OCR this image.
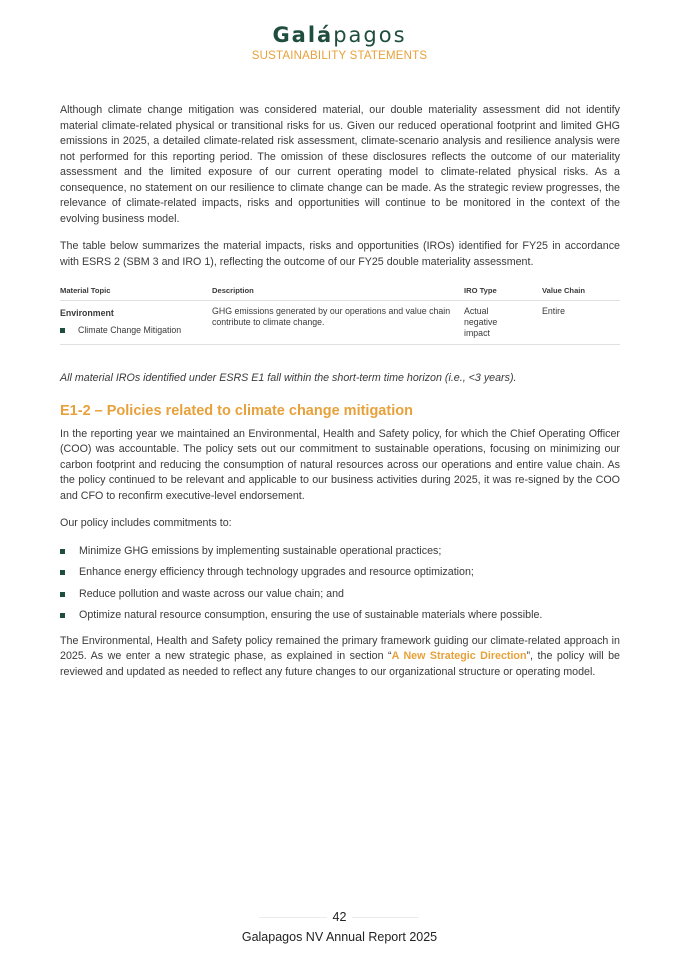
Galápagos
SUSTAINABILITY STATEMENTS

Although climate change mitigation was considered material, our double materiality assessment did not identify material climate‑related physical or transitional risks for us. Given our reduced operational footprint and limited GHG emissions in 2025, a detailed climate‑related risk assessment, climate‑scenario analysis and resilience analysis were not performed for this reporting period. The omission of these disclosures reflects the outcome of our materiality assessment and the limited exposure of our current operating model to climate‑related physical risks. As a consequence, no statement on our resilience to climate change can be made. As the strategic review progresses, the relevance of climate‑related impacts, risks and opportunities will continue to be monitored in the context of the evolving business model.

The table below summarizes the material impacts, risks and opportunities (IROs) identified for FY25 in accordance with ESRS 2 (SBM 3 and IRO 1), reflecting the outcome of our FY25 double materiality assessment.

Material Topic	Description	IRO Type	Value Chain

Environment
Climate Change Mitigation	GHG emissions generated by our operations and value chain contribute to climate change.	Actual negative impact	Entire

All material IROs identified under ESRS E1 fall within the short‑term time horizon (i.e., <3 years).

E1-2 – Policies related to climate change mitigation

In the reporting year we maintained an Environmental, Health and Safety policy, for which the Chief Operating Officer (COO) was accountable. The policy sets out our commitment to sustainable operations, focusing on minimizing our carbon footprint and reducing the consumption of natural resources across our operations and entire value chain. As the policy continued to be relevant and applicable to our business activities during 2025, it was re‑signed by the COO and CFO to reconfirm executive‑level endorsement.

Our policy includes commitments to:

Minimize GHG emissions by implementing sustainable operational practices;
Enhance energy efficiency through technology upgrades and resource optimization;
Reduce pollution and waste across our value chain; and
Optimize natural resource consumption, ensuring the use of sustainable materials where possible.

The Environmental, Health and Safety policy remained the primary framework guiding our climate‑related approach in 2025. As we enter a new strategic phase, as explained in section “A New Strategic Direction”, the policy will be reviewed and updated as needed to reflect any future changes to our organizational structure or operating model.

42
Galapagos NV Annual Report 2025
